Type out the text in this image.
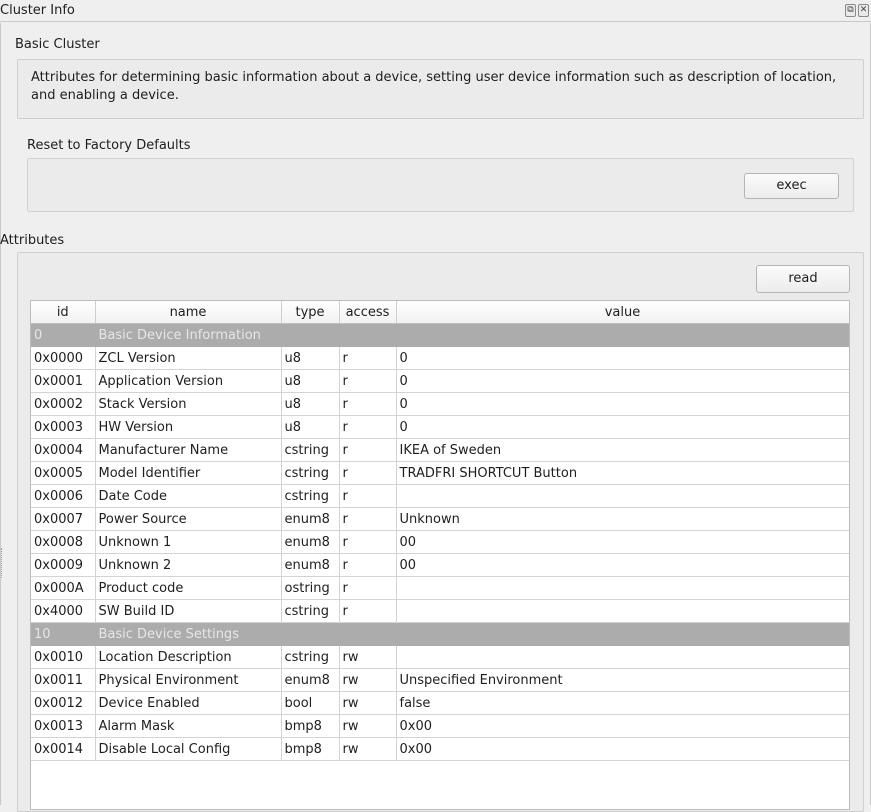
Cluster Info	⧉ ✕
Basic Cluster
Attributes for determining basic information about a device, setting user device information such as description of location, and enabling a device.
Reset to Factory Defaults
exec
Attributes
read
id	name	type	access	value
0	Basic Device Information			
0x0000	ZCL Version	u8	r	0
0x0001	Application Version	u8	r	0
0x0002	Stack Version	u8	r	0
0x0003	HW Version	u8	r	0
0x0004	Manufacturer Name	cstring	r	IKEA of Sweden
0x0005	Model Identifier	cstring	r	TRADFRI SHORTCUT Button
0x0006	Date Code	cstring	r	
0x0007	Power Source	enum8	r	Unknown
0x0008	Unknown 1	enum8	r	00
0x0009	Unknown 2	enum8	r	00
0x000A	Product code	ostring	r	
0x4000	SW Build ID	cstring	r	
10	Basic Device Settings			
0x0010	Location Description	cstring	rw	
0x0011	Physical Environment	enum8	rw	Unspecified Environment
0x0012	Device Enabled	bool	rw	false
0x0013	Alarm Mask	bmp8	rw	0x00
0x0014	Disable Local Config	bmp8	rw	0x00
